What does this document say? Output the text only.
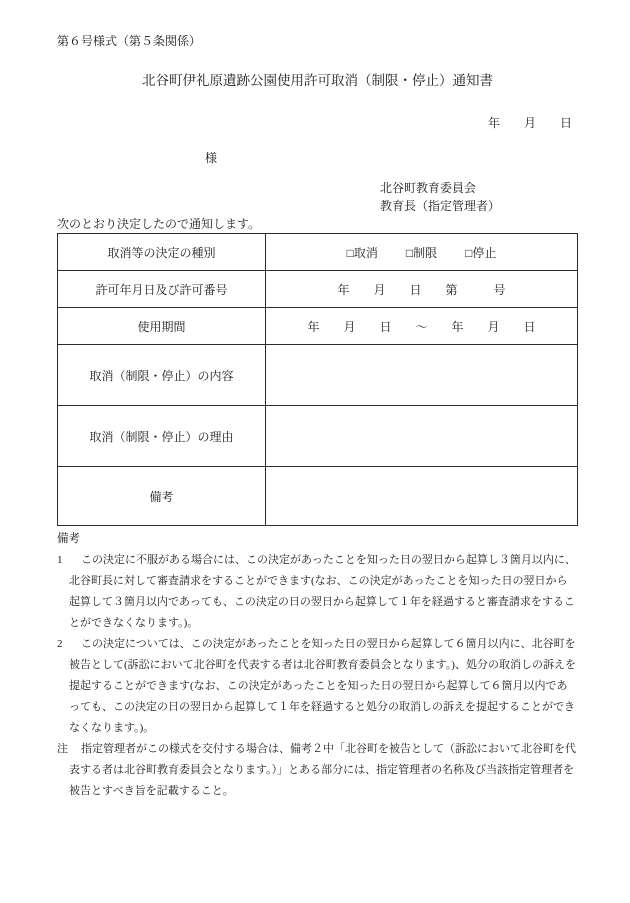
第６号様式（第５条関係）
北谷町伊礼原遺跡公園使用許可取消（制限・停止）通知書
年　　月　　日
様
北谷町教育委員会
教育長（指定管理者）
次のとおり決定したので通知します。
取消等の決定の種別	□取消 □制限 □停止

許可年月日及び許可番号	年　　月　　日　　第　　　号
使用期間	年　　月　　日　　～　　年　　月　　日
取消（制限・停止）の内容	
取消（制限・停止）の理由	
備考	
備考

1 この決定に不服がある場合には、この決定があったことを知った日の翌日から起算し３箇月以内に、北谷町長に対して審査請求をすることができます(なお、この決定があったことを知った日の翌日から起算して３箇月以内であっても、この決定の日の翌日から起算して１年を経過すると審査請求をすることができなくなります。)。

2 この決定については、この決定があったことを知った日の翌日から起算して６箇月以内に、北谷町を被告として(訴訟において北谷町を代表する者は北谷町教育委員会となります。)、処分の取消しの訴えを提起することができます(なお、この決定があったことを知った日の翌日から起算して６箇月以内であっても、この決定の日の翌日から起算して１年を経過すると処分の取消しの訴えを提起することができなくなります。)。

注 指定管理者がこの様式を交付する場合は、備考２中「北谷町を被告として（訴訟において北谷町を代表する者は北谷町教育委員会となります。）」とある部分には、指定管理者の名称及び当該指定管理者を被告とすべき旨を記載すること。
